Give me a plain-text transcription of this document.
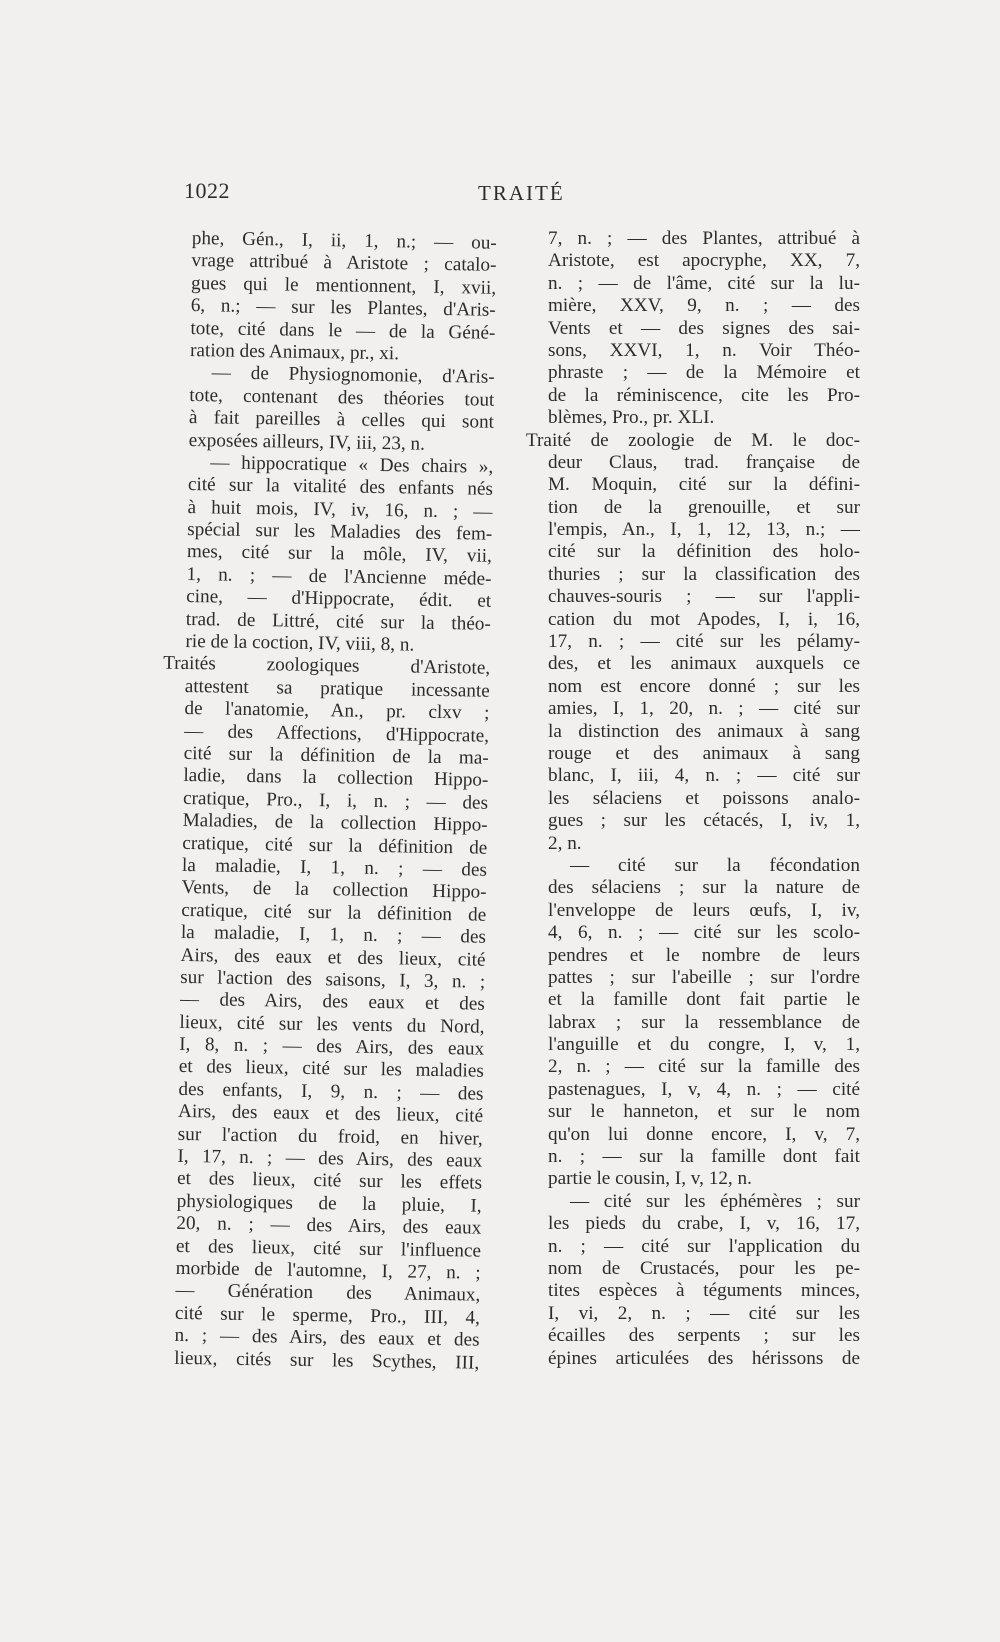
1022	TRAITÉ
phe, Gén., I, ii, 1, n.; — ou-
vrage attribué à Aristote ; catalo-
gues qui le mentionnent, I, xvii,
6, n.; — sur les Plantes, d'Aris-
tote, cité dans le — de la Géné-
ration des Animaux, pr., xi.
— de Physiognomonie, d'Aris-
tote, contenant des théories tout
à fait pareilles à celles qui sont
exposées ailleurs, IV, iii, 23, n.
— hippocratique « Des chairs »,
cité sur la vitalité des enfants nés
à huit mois, IV, iv, 16, n. ; —
spécial sur les Maladies des fem-
mes, cité sur la môle, IV, vii,
1, n. ; — de l'Ancienne méde-
cine, — d'Hippocrate, édit. et
trad. de Littré, cité sur la théo-
rie de la coction, IV, viii, 8, n.
Traités zoologiques d'Aristote,
attestent sa pratique incessante
de l'anatomie, An., pr. clxv ;
— des Affections, d'Hippocrate,
cité sur la définition de la ma-
ladie, dans la collection Hippo-
cratique, Pro., I, i, n. ; — des
Maladies, de la collection Hippo-
cratique, cité sur la définition de
la maladie, I, 1, n. ; — des
Vents, de la collection Hippo-
cratique, cité sur la définition de
la maladie, I, 1, n. ; — des
Airs, des eaux et des lieux, cité
sur l'action des saisons, I, 3, n. ;
— des Airs, des eaux et des
lieux, cité sur les vents du Nord,
I, 8, n. ; — des Airs, des eaux
et des lieux, cité sur les maladies
des enfants, I, 9, n. ; — des
Airs, des eaux et des lieux, cité
sur l'action du froid, en hiver,
I, 17, n. ; — des Airs, des eaux
et des lieux, cité sur les effets
physiologiques de la pluie, I,
20, n. ; — des Airs, des eaux
et des lieux, cité sur l'influence
morbide de l'automne, I, 27, n. ;
— Génération des Animaux,
cité sur le sperme, Pro., III, 4,
n. ; — des Airs, des eaux et des
lieux, cités sur les Scythes, III,
7, n. ; — des Plantes, attribué à
Aristote, est apocryphe, XX, 7,
n. ; — de l'âme, cité sur la lu-
mière, XXV, 9, n. ; — des
Vents et — des signes des sai-
sons, XXVI, 1, n. Voir Théo-
phraste ; — de la Mémoire et
de la réminiscence, cite les Pro-
blèmes, Pro., pr. XLI.
Traité de zoologie de M. le doc-
deur Claus, trad. française de
M. Moquin, cité sur la défini-
tion de la grenouille, et sur
l'empis, An., I, 1, 12, 13, n.; —
cité sur la définition des holo-
thuries ; sur la classification des
chauves-souris ; — sur l'appli-
cation du mot Apodes, I, i, 16,
17, n. ; — cité sur les pélamy-
des, et les animaux auxquels ce
nom est encore donné ; sur les
amies, I, 1, 20, n. ; — cité sur
la distinction des animaux à sang
rouge et des animaux à sang
blanc, I, iii, 4, n. ; — cité sur
les sélaciens et poissons analo-
gues ; sur les cétacés, I, iv, 1,
2, n.
— cité sur la fécondation
des sélaciens ; sur la nature de
l'enveloppe de leurs œufs, I, iv,
4, 6, n. ; — cité sur les scolo-
pendres et le nombre de leurs
pattes ; sur l'abeille ; sur l'ordre
et la famille dont fait partie le
labrax ; sur la ressemblance de
l'anguille et du congre, I, v, 1,
2, n. ; — cité sur la famille des
pastenagues, I, v, 4, n. ; — cité
sur le hanneton, et sur le nom
qu'on lui donne encore, I, v, 7,
n. ; — sur la famille dont fait
partie le cousin, I, v, 12, n.
— cité sur les éphémères ; sur
les pieds du crabe, I, v, 16, 17,
n. ; — cité sur l'application du
nom de Crustacés, pour les pe-
tites espèces à téguments minces,
I, vi, 2, n. ; — cité sur les
écailles des serpents ; sur les
épines articulées des hérissons de
